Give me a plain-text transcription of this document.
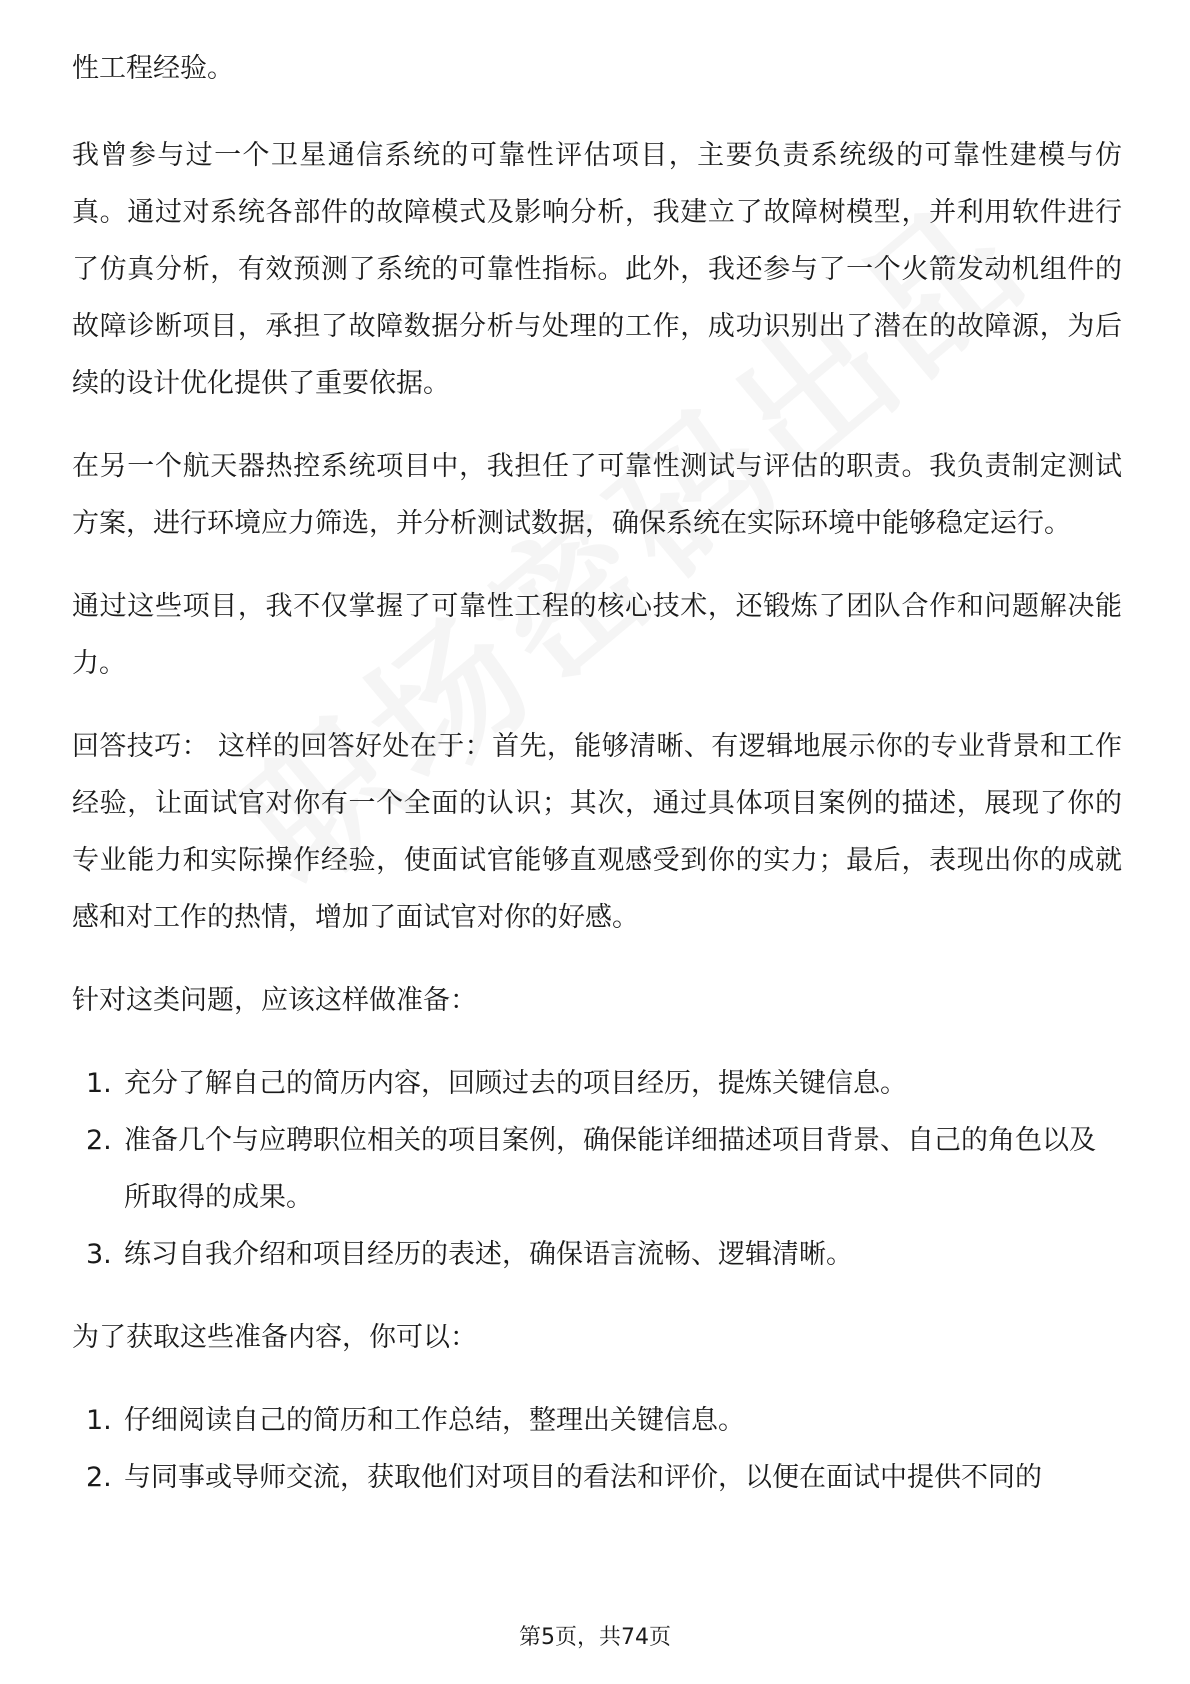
性工程经验。

我曾参与过一个卫星通信系统的可靠性评估项目，主要负责系统级的可靠性建模与仿真。通过对系统各部件的故障模式及影响分析，我建立了故障树模型，并利用软件进行了仿真分析，有效预测了系统的可靠性指标。此外，我还参与了一个火箭发动机组件的故障诊断项目，承担了故障数据分析与处理的工作，成功识别出了潜在的故障源，为后续的设计优化提供了重要依据。

在另一个航天器热控系统项目中，我担任了可靠性测试与评估的职责。我负责制定测试方案，进行环境应力筛选，并分析测试数据，确保系统在实际环境中能够稳定运行。

通过这些项目，我不仅掌握了可靠性工程的核心技术，还锻炼了团队合作和问题解决能力。

回答技巧： 这样的回答好处在于：首先，能够清晰、有逻辑地展示你的专业背景和工作经验，让面试官对你有一个全面的认识；其次，通过具体项目案例的描述，展现了你的专业能力和实际操作经验，使面试官能够直观感受到你的实力；最后，表现出你的成就感和对工作的热情，增加了面试官对你的好感。

针对这类问题，应该这样做准备：

1. 充分了解自己的简历内容，回顾过去的项目经历，提炼关键信息。
2. 准备几个与应聘职位相关的项目案例，确保能详细描述项目背景、自己的角色以及所取得的成果。
3. 练习自我介绍和项目经历的表述，确保语言流畅、逻辑清晰。

为了获取这些准备内容，你可以：

1. 仔细阅读自己的简历和工作总结，整理出关键信息。
2. 与同事或导师交流，获取他们对项目的看法和评价，以便在面试中提供不同的
第5页，共74页
